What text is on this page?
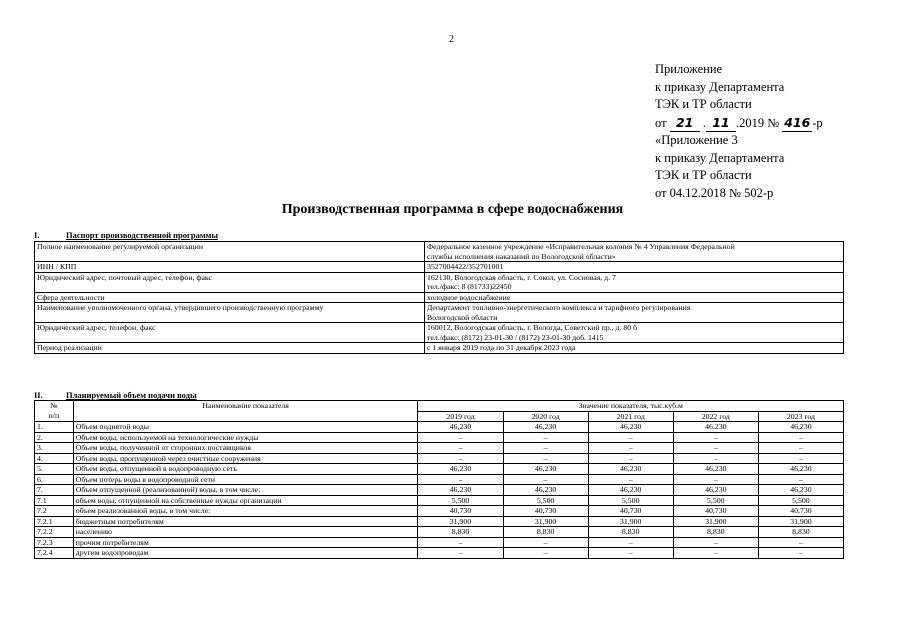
2
Приложение
к приказу Департамента
ТЭК и ТР области
от 21 . 11 .2019 № 416 -р
«Приложение 3
к приказу Департамента
ТЭК и ТР области
от 04.12.2018 № 502-р
Производственная программа в сфере водоснабжения
I.	Паспорт производственной программы
Полное наименование регулируемой организации	Федеральное казенное учреждение «Исправительная колония № 4 Управления Федеральной
службы исполнения наказаний по Вологодской области»

ИНН / КПП	3527004422/352701001

Юридический адрес, почтовый адрес, телефон, факс	162130, Вологодская область, г. Сокол, ул. Сосновая, д. 7
тел./факс: 8 (81733)22450

Сфера деятельности	холодное водоснабжение

Наименование уполномоченного органа, утвердившего производственную программу	Департамент топливно-энергетического комплекса и тарифного регулирования
Вологодской области

Юридический адрес, телефон, факс	160012, Вологодская область, г. Вологда, Советский пр., д. 80 б
тел./факс: (8172) 23-01-30 / (8172) 23-01-30 доб. 1415

Период реализации	с 1 января 2019 года по 31 декабря 2023 года
II.	Планируемый объем подачи воды
№
п/п	Наименование показателя	Значение показателя, тыс.куб.м				
		2019 год	2020 год	2021 год	2022 год	2023 год
1.	Объем поднятой воды	46,230	46,230	46,230	46,230	46,230
2.	Объем воды, используемой на технологические нужды	–	–	–	–	–
3.	Объем воды, полученной от сторонних поставщиков	–	–	–	–	–
4.	Объем воды, пропущенной через очистные сооружения	–	–	–	–	–
5.	Объем воды, отпущенной в водопроводную сеть	46,230	46,230	46,230	46,230	46,230
6.	Объем потерь воды в водопроводной сети	–	–	–	–	–
7.	Объем отпущенной (реализованной) воды, в том числе:	46,230	46,230	46,230	46,230	46,230
7.1	объем воды, отпущенной на собственные нужды организации	5,500	5,500	5,500	5,500	5,500
7.2	объем реализованной воды, в том числе:	40,730	40,730	40,730	40,730	40,730
7.2.1	бюджетным потребителям	31,900	31,900	31,900	31,900	31,900
7.2.2	населению	8,830	8,830	8,830	8,830	8,830
7.2.3	прочим потребителям	–	–	–	–	–
7.2.4	другим водопроводам	–	–	–	–	–
